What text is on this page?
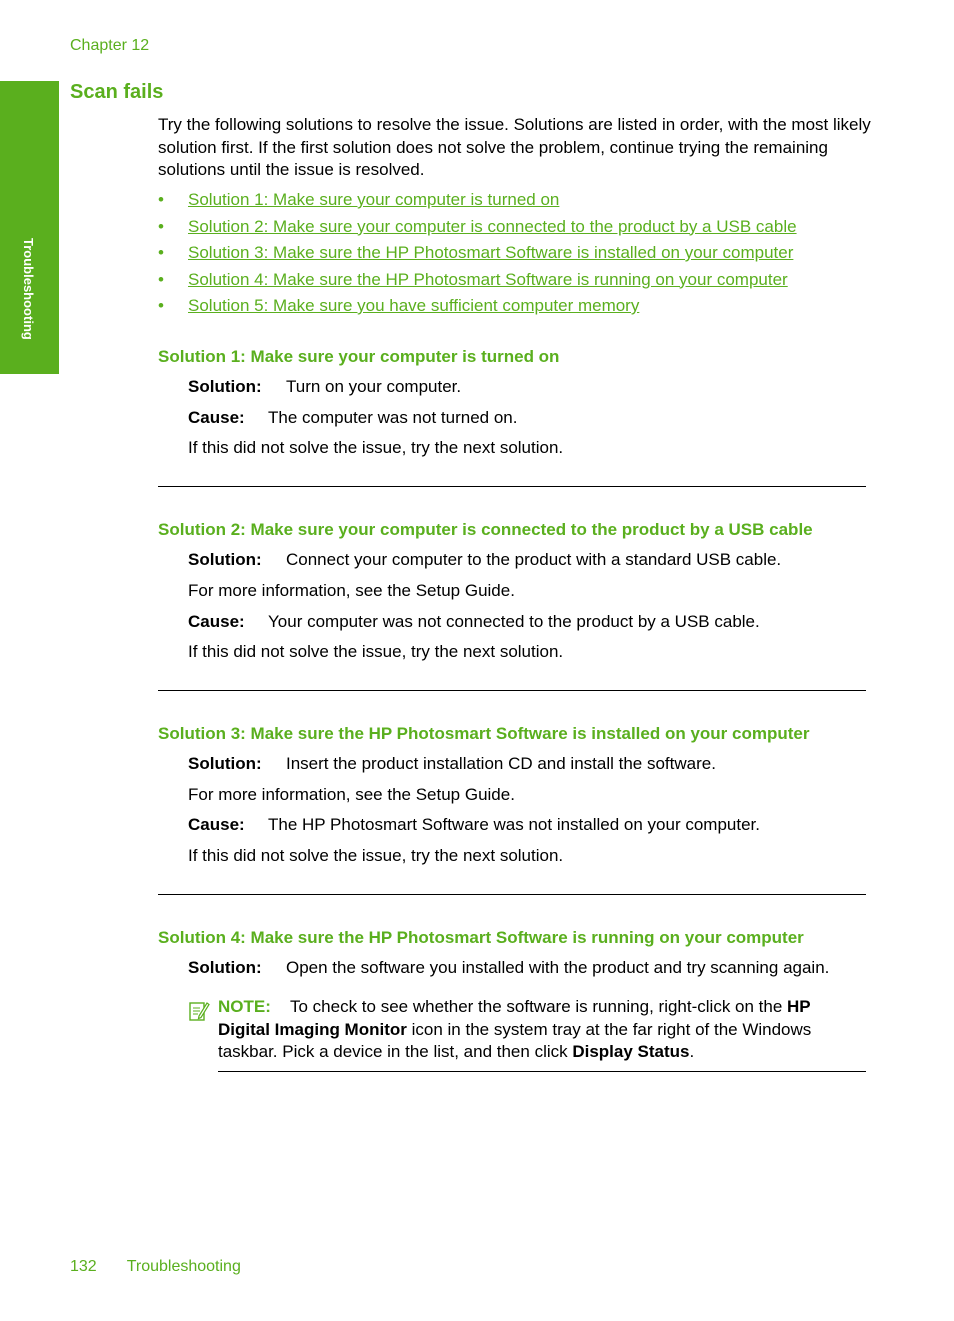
Chapter 12
Troubleshooting
Scan fails

Try the following solutions to resolve the issue. Solutions are listed in order, with the most likely solution first. If the first solution does not solve the problem, continue trying the remaining solutions until the issue is resolved.

• Solution 1: Make sure your computer is turned on
• Solution 2: Make sure your computer is connected to the product by a USB cable
• Solution 3: Make sure the HP Photosmart Software is installed on your computer
• Solution 4: Make sure the HP Photosmart Software is running on your computer
• Solution 5: Make sure you have sufficient computer memory
Solution 1: Make sure your computer is turned on

Solution: Turn on your computer.

Cause: The computer was not turned on.

If this did not solve the issue, try the next solution.

Solution 2: Make sure your computer is connected to the product by a USB cable

Solution: Connect your computer to the product with a standard USB cable.

For more information, see the Setup Guide.

Cause: Your computer was not connected to the product by a USB cable.

If this did not solve the issue, try the next solution.

Solution 3: Make sure the HP Photosmart Software is installed on your computer

Solution: Insert the product installation CD and install the software.

For more information, see the Setup Guide.

Cause: The HP Photosmart Software was not installed on your computer.

If this did not solve the issue, try the next solution.

Solution 4: Make sure the HP Photosmart Software is running on your computer

Solution: Open the software you installed with the product and try scanning again.

NOTE: To check to see whether the software is running, right-click on the HP Digital Imaging Monitor icon in the system tray at the far right of the Windows taskbar. Pick a device in the list, and then click Display Status.

132 Troubleshooting
